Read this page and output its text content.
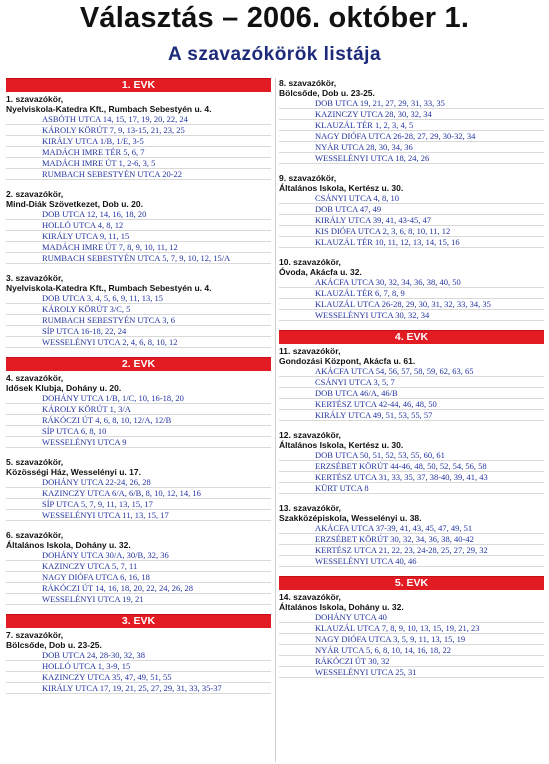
Választás – 2006. október 1.
A szavazókörök listája
1. EVK
1. szavazókör,
Nyelviskola-Katedra Kft., Rumbach Sebestyén u. 4.
ASBÓTH UTCA 14, 15, 17, 19, 20, 22, 24
KÁROLY KÖRÚT 7, 9, 13-15, 21, 23, 25
KIRÁLY UTCA 1/B, 1/E, 3-5
MADÁCH IMRE TÉR 5, 6, 7
MADÁCH IMRE ÚT 1, 2-6, 3, 5
RUMBACH SEBESTYÉN UTCA 20-22
2. szavazókör,
Mind-Diák Szövetkezet, Dob u. 20.
DOB UTCA 12, 14, 16, 18, 20
HOLLÓ UTCA 4, 8, 12
KIRÁLY UTCA 9, 11, 15
MADÁCH IMRE ÚT 7, 8, 9, 10, 11, 12
RUMBACH SEBESTYÉN UTCA 5, 7, 9, 10, 12, 15/A
3. szavazókör,
Nyelviskola-Katedra Kft., Rumbach Sebestyén u. 4.
DOB UTCA 3, 4, 5, 6, 9, 11, 13, 15
KÁROLY KÖRÚT 3/C, 5
RUMBACH SEBESTYÉN UTCA 3, 6
SÍP UTCA 16-18, 22, 24
WESSELÉNYI UTCA 2, 4, 6, 8, 10, 12
2. EVK
4. szavazókör,
Idősek Klubja, Dohány u. 20.
DOHÁNY UTCA 1/B, 1/C, 10, 16-18, 20
KÁROLY KÖRÚT 1, 3/A
RÁKÓCZI ÚT 4, 6, 8, 10, 12/A, 12/B
SÍP UTCA 6, 8, 10
WESSELÉNYI UTCA 9
5. szavazókör,
Közösségi Ház, Wesselényi u. 17.
DOHÁNY UTCA 22-24, 26, 28
KAZINCZY UTCA 6/A, 6/B, 8, 10, 12, 14, 16
SÍP UTCA 5, 7, 9, 11, 13, 15, 17
WESSELÉNYI UTCA 11, 13, 15, 17
6. szavazókör,
Általános Iskola, Dohány u. 32.
DOHÁNY UTCA 30/A, 30/B, 32, 36
KAZINCZY UTCA 5, 7, 11
NAGY DIÓFA UTCA 6, 16, 18
RÁKÓCZI ÚT 14, 16, 18, 20, 22, 24, 26, 28
WESSELÉNYI UTCA 19, 21
3. EVK
7. szavazókör,
Bölcsőde, Dob u. 23-25.
DOB UTCA 24, 28-30, 32, 38
HOLLÓ UTCA 1, 3-9, 15
KAZINCZY UTCA 35, 47, 49, 51, 55
KIRÁLY UTCA 17, 19, 21, 25, 27, 29, 31, 33, 35-37
8. szavazókör,
Bölcsőde, Dob u. 23-25.
DOB UTCA 19, 21, 27, 29, 31, 33, 35
KAZINCZY UTCA 28, 30, 32, 34
KLAUZÁL TÉR 1, 2, 3, 4, 5
NAGY DIÓFA UTCA 26-28, 27, 29, 30-32, 34
NYÁR UTCA 28, 30, 34, 36
WESSELÉNYI UTCA 18, 24, 26
9. szavazókör,
Általános Iskola, Kertész u. 30.
CSÁNYI UTCA 4, 8, 10
DOB UTCA 47, 49
KIRÁLY UTCA 39, 41, 43-45, 47
KIS DIÓFA UTCA 2, 3, 6, 8, 10, 11, 12
KLAUZÁL TÉR 10, 11, 12, 13, 14, 15, 16
10. szavazókör,
Óvoda, Akácfa u. 32.
AKÁCFA UTCA 30, 32, 34, 36, 38, 40, 50
KLAUZÁL TÉR 6, 7, 8, 9
KLAUZÁL UTCA 26-28, 29, 30, 31, 32, 33, 34, 35
WESSELÉNYI UTCA 30, 32, 34
4. EVK
11. szavazókör,
Gondozási Központ, Akácfa u. 61.
AKÁCFA UTCA 54, 56, 57, 58, 59, 62, 63, 65
CSÁNYI UTCA 3, 5, 7
DOB UTCA 46/A, 46/B
KERTÉSZ UTCA 42-44, 46, 48, 50
KIRÁLY UTCA 49, 51, 53, 55, 57
12. szavazókör,
Általános Iskola, Kertész u. 30.
DOB UTCA 50, 51, 52, 53, 55, 60, 61
ERZSÉBET KÖRÚT 44-46, 48, 50, 52, 54, 56, 58
KERTÉSZ UTCA 31, 33, 35, 37, 38-40, 39, 41, 43
KÜRT UTCA 8
13. szavazókör,
Szakközépiskola, Wesselényi u. 38.
AKÁCFA UTCA 37-39, 41, 43, 45, 47, 49, 51
ERZSÉBET KÖRÚT 30, 32, 34, 36, 38, 40-42
KERTÉSZ UTCA 21, 22, 23, 24-28, 25, 27, 29, 32
WESSELÉNYI UTCA 40, 46
5. EVK
14. szavazókör,
Általános Iskola, Dohány u. 32.
DOHÁNY UTCA 40
KLAUZÁL UTCA 7, 8, 9, 10, 13, 15, 19, 21, 23
NAGY DIÓFA UTCA 3, 5, 9, 11, 13, 15, 19
NYÁR UTCA 5, 6, 8, 10, 14, 16, 18, 22
RÁKÓCZI ÚT 30, 32
WESSELÉNYI UTCA 25, 31
